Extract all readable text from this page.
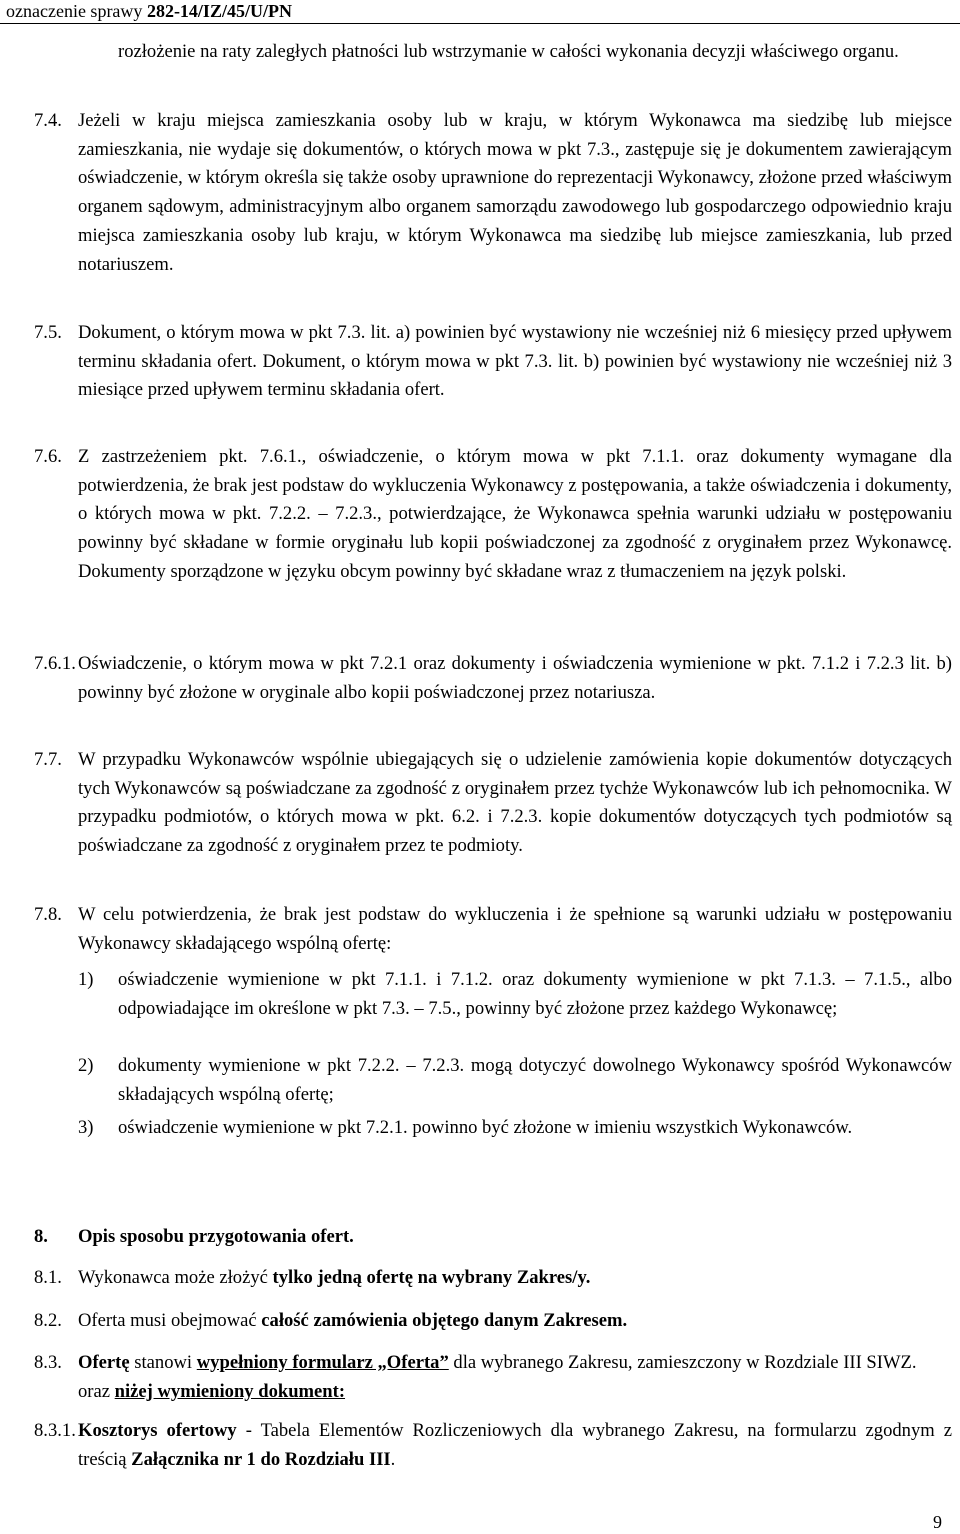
oznaczenie sprawy 282-14/IZ/45/U/PN
rozłożenie na raty zaległych płatności lub wstrzymanie w całości wykonania decyzji właściwego organu.
7.4. Jeżeli w kraju miejsca zamieszkania osoby lub w kraju, w którym Wykonawca ma siedzibę lub miejsce zamieszkania, nie wydaje się dokumentów, o których mowa w pkt 7.3., zastępuje się je dokumentem zawierającym oświadczenie, w którym określa się także osoby uprawnione do reprezentacji Wykonawcy, złożone przed właściwym organem sądowym, administracyjnym albo organem samorządu zawodowego lub gospodarczego odpowiednio kraju miejsca zamieszkania osoby lub kraju, w którym Wykonawca ma siedzibę lub miejsce zamieszkania, lub przed notariuszem.
7.5. Dokument, o którym mowa w pkt 7.3. lit. a) powinien być wystawiony nie wcześniej niż 6 miesięcy przed upływem terminu składania ofert. Dokument, o którym mowa w pkt 7.3. lit. b) powinien być wystawiony nie wcześniej niż 3 miesiące przed upływem terminu składania ofert.
7.6. Z zastrzeżeniem pkt. 7.6.1., oświadczenie, o którym mowa w pkt 7.1.1. oraz dokumenty wymagane dla potwierdzenia, że brak jest podstaw do wykluczenia Wykonawcy z postępowania, a także oświadczenia i dokumenty, o których mowa w pkt. 7.2.2. – 7.2.3., potwierdzające, że Wykonawca spełnia warunki udziału w postępowaniu powinny być składane w formie oryginału lub kopii poświadczonej za zgodność z oryginałem przez Wykonawcę. Dokumenty sporządzone w języku obcym powinny być składane wraz z tłumaczeniem na język polski.
7.6.1. Oświadczenie, o którym mowa w pkt 7.2.1 oraz dokumenty i oświadczenia wymienione w pkt. 7.1.2 i 7.2.3 lit. b) powinny być złożone w oryginale albo kopii poświadczonej przez notariusza.
7.7. W przypadku Wykonawców wspólnie ubiegających się o udzielenie zamówienia kopie dokumentów dotyczących tych Wykonawców są poświadczane za zgodność z oryginałem przez tychże Wykonawców lub ich pełnomocnika. W przypadku podmiotów, o których mowa w pkt. 6.2. i 7.2.3. kopie dokumentów dotyczących tych podmiotów są poświadczane za zgodność z oryginałem przez te podmioty.
7.8. W celu potwierdzenia, że brak jest podstaw do wykluczenia i że spełnione są warunki udziału w postępowaniu Wykonawcy składającego wspólną ofertę:
1) oświadczenie wymienione w pkt 7.1.1. i 7.1.2. oraz dokumenty wymienione w pkt 7.1.3. – 7.1.5., albo odpowiadające im określone w pkt 7.3. – 7.5., powinny być złożone przez każdego Wykonawcę;
2) dokumenty wymienione w pkt 7.2.2. – 7.2.3. mogą dotyczyć dowolnego Wykonawcy spośród Wykonawców składających wspólną ofertę;
3) oświadczenie wymienione w pkt 7.2.1. powinno być złożone w imieniu wszystkich Wykonawców.
8. Opis sposobu przygotowania ofert.
8.1. Wykonawca może złożyć tylko jedną ofertę na wybrany Zakres/y.
8.2. Oferta musi obejmować całość zamówienia objętego danym Zakresem.
8.3. Ofertę stanowi wypełniony formularz „Oferta” dla wybranego Zakresu, zamieszczony w Rozdziale III SIWZ. oraz niżej wymieniony dokument:
8.3.1. Kosztorys ofertowy - Tabela Elementów Rozliczeniowych dla wybranego Zakresu, na formularzu zgodnym z treścią Załącznika nr 1 do Rozdziału III.
9
